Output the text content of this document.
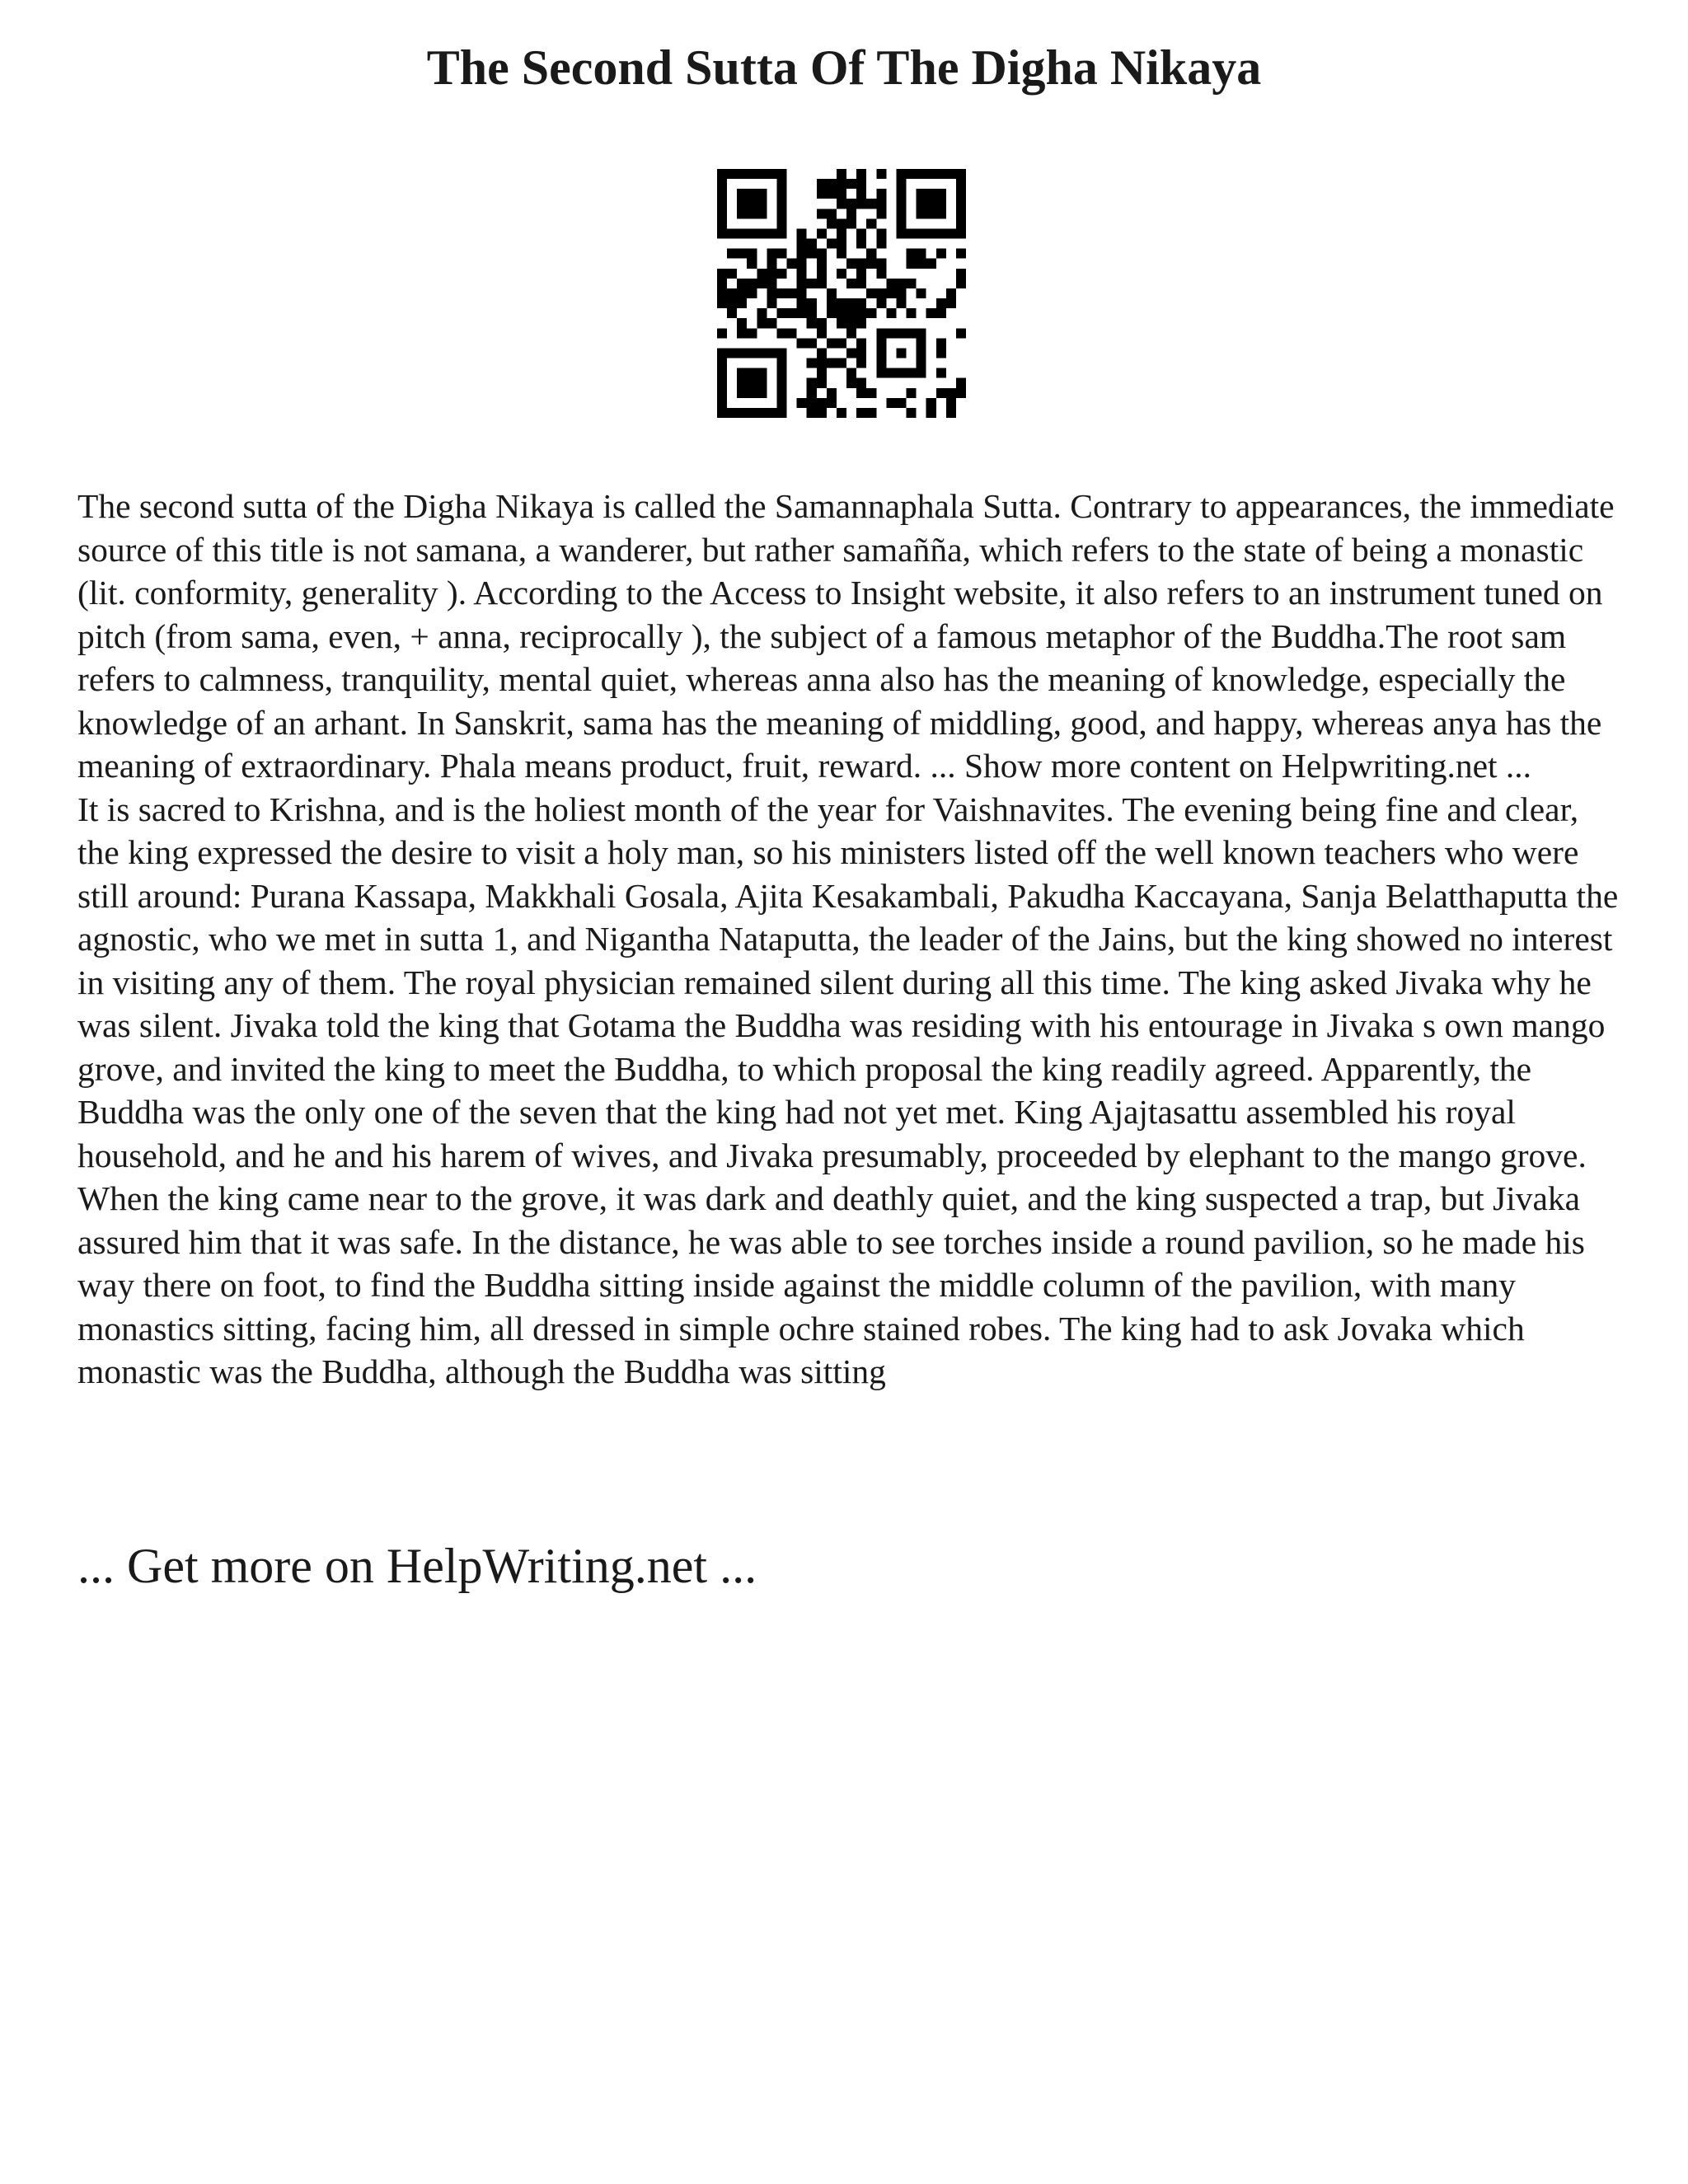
The Second Sutta Of The Digha Nikaya

The second sutta of the Digha Nikaya is called the Samannaphala Sutta. Contrary to appearances, the immediate source of this title is not samana, a wanderer, but rather samañña, which refers to the state of being a monastic (lit. conformity, generality ). According to the Access to Insight website, it also refers to an instrument tuned on pitch (from sama, even, + anna, reciprocally ), the subject of a famous metaphor of the Buddha.The root sam refers to calmness, tranquility, mental quiet, whereas anna also has the meaning of knowledge, especially the knowledge of an arhant. In Sanskrit, sama has the meaning of middling, good, and happy, whereas anya has the meaning of extraordinary. Phala means product, fruit, reward. ... Show more content on Helpwriting.net ...

It is sacred to Krishna, and is the holiest month of the year for Vaishnavites. The evening being fine and clear, the king expressed the desire to visit a holy man, so his ministers listed off the well known teachers who were still around: Purana Kassapa, Makkhali Gosala, Ajita Kesakambali, Pakudha Kaccayana, Sanja Belatthaputta the agnostic, who we met in sutta 1, and Nigantha Nataputta, the leader of the Jains, but the king showed no interest in visiting any of them. The royal physician remained silent during all this time. The king asked Jivaka why he was silent. Jivaka told the king that Gotama the Buddha was residing with his entourage in Jivaka s own mango grove, and invited the king to meet the Buddha, to which proposal the king readily agreed. Apparently, the Buddha was the only one of the seven that the king had not yet met. King Ajajtasattu assembled his royal household, and he and his harem of wives, and Jivaka presumably, proceeded by elephant to the mango grove. When the king came near to the grove, it was dark and deathly quiet, and the king suspected a trap, but Jivaka assured him that it was safe. In the distance, he was able to see torches inside a round pavilion, so he made his way there on foot, to find the Buddha sitting inside against the middle column of the pavilion, with many monastics sitting, facing him, all dressed in simple ochre stained robes. The king had to ask Jovaka which monastic was the Buddha, although the Buddha was sitting

... Get more on HelpWriting.net ...
